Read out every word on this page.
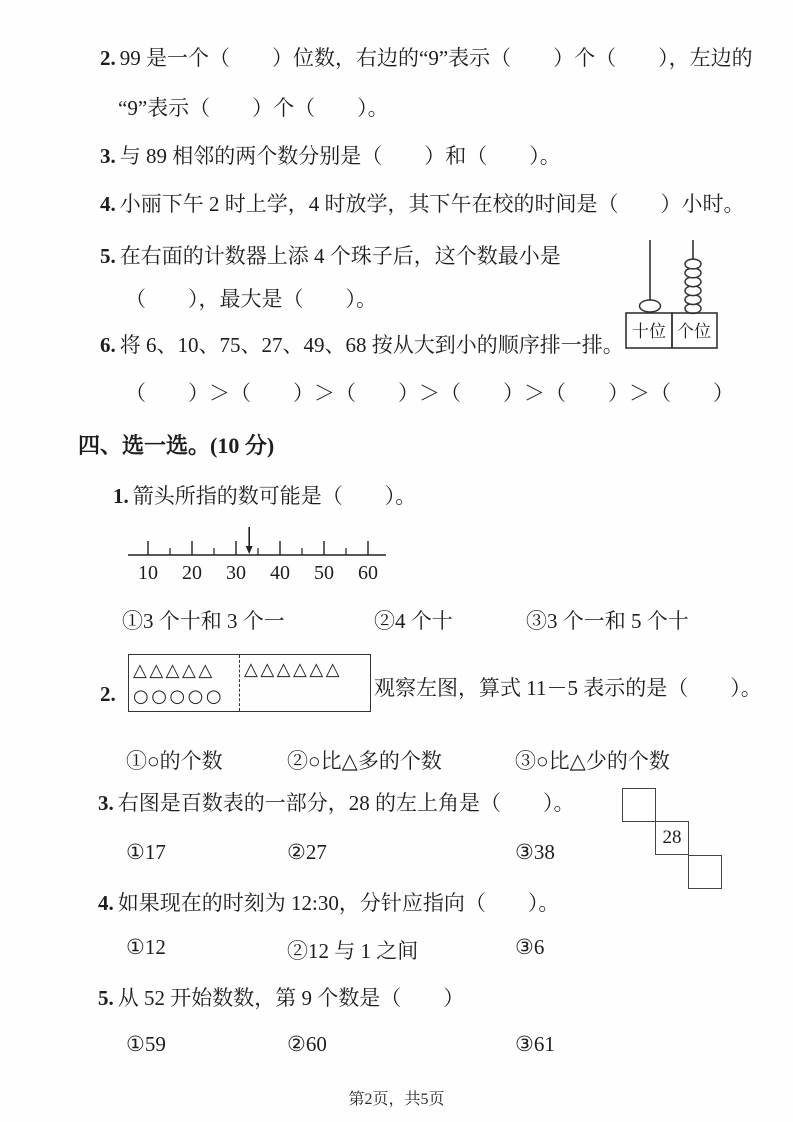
2. 99 是一个（　　）位数，右边的“9”表示（　　）个（　　），左边的
“9”表示（　　）个（　　）。
3. 与 89 相邻的两个数分别是（　　）和（　　）。
4. 小丽下午 2 时上学，4 时放学，其下午在校的时间是（　　）小时。
5. 在右面的计数器上添 4 个珠子后，这个数最小是
（　　），最大是（　　）。
十位 个位
6. 将 6、10、75、27、49、68 按从大到小的顺序排一排。
（　　）＞（　　）＞（　　）＞（　　）＞（　　）＞（　　）
四、选一选。(10 分)
1. 箭头所指的数可能是（　　）。
10 20 30 40 50 60
①3 个十和 3 个一	②4 个十	③3 个一和 5 个十
2.
△△△△△
○○○○○
△△△△△△
观察左图，算式 11－5 表示的是（　　）。
①○的个数	②○比△多的个数	③○比△少的个数
3. 右图是百数表的一部分，28 的左上角是（　　）。
28
①17	②27	③38
4. 如果现在的时刻为 12:30，分针应指向（　　）。
①12	②12 与 1 之间	③6
5. 从 52 开始数数，第 9 个数是（　　）
①59	②60	③61
第2页，共5页
